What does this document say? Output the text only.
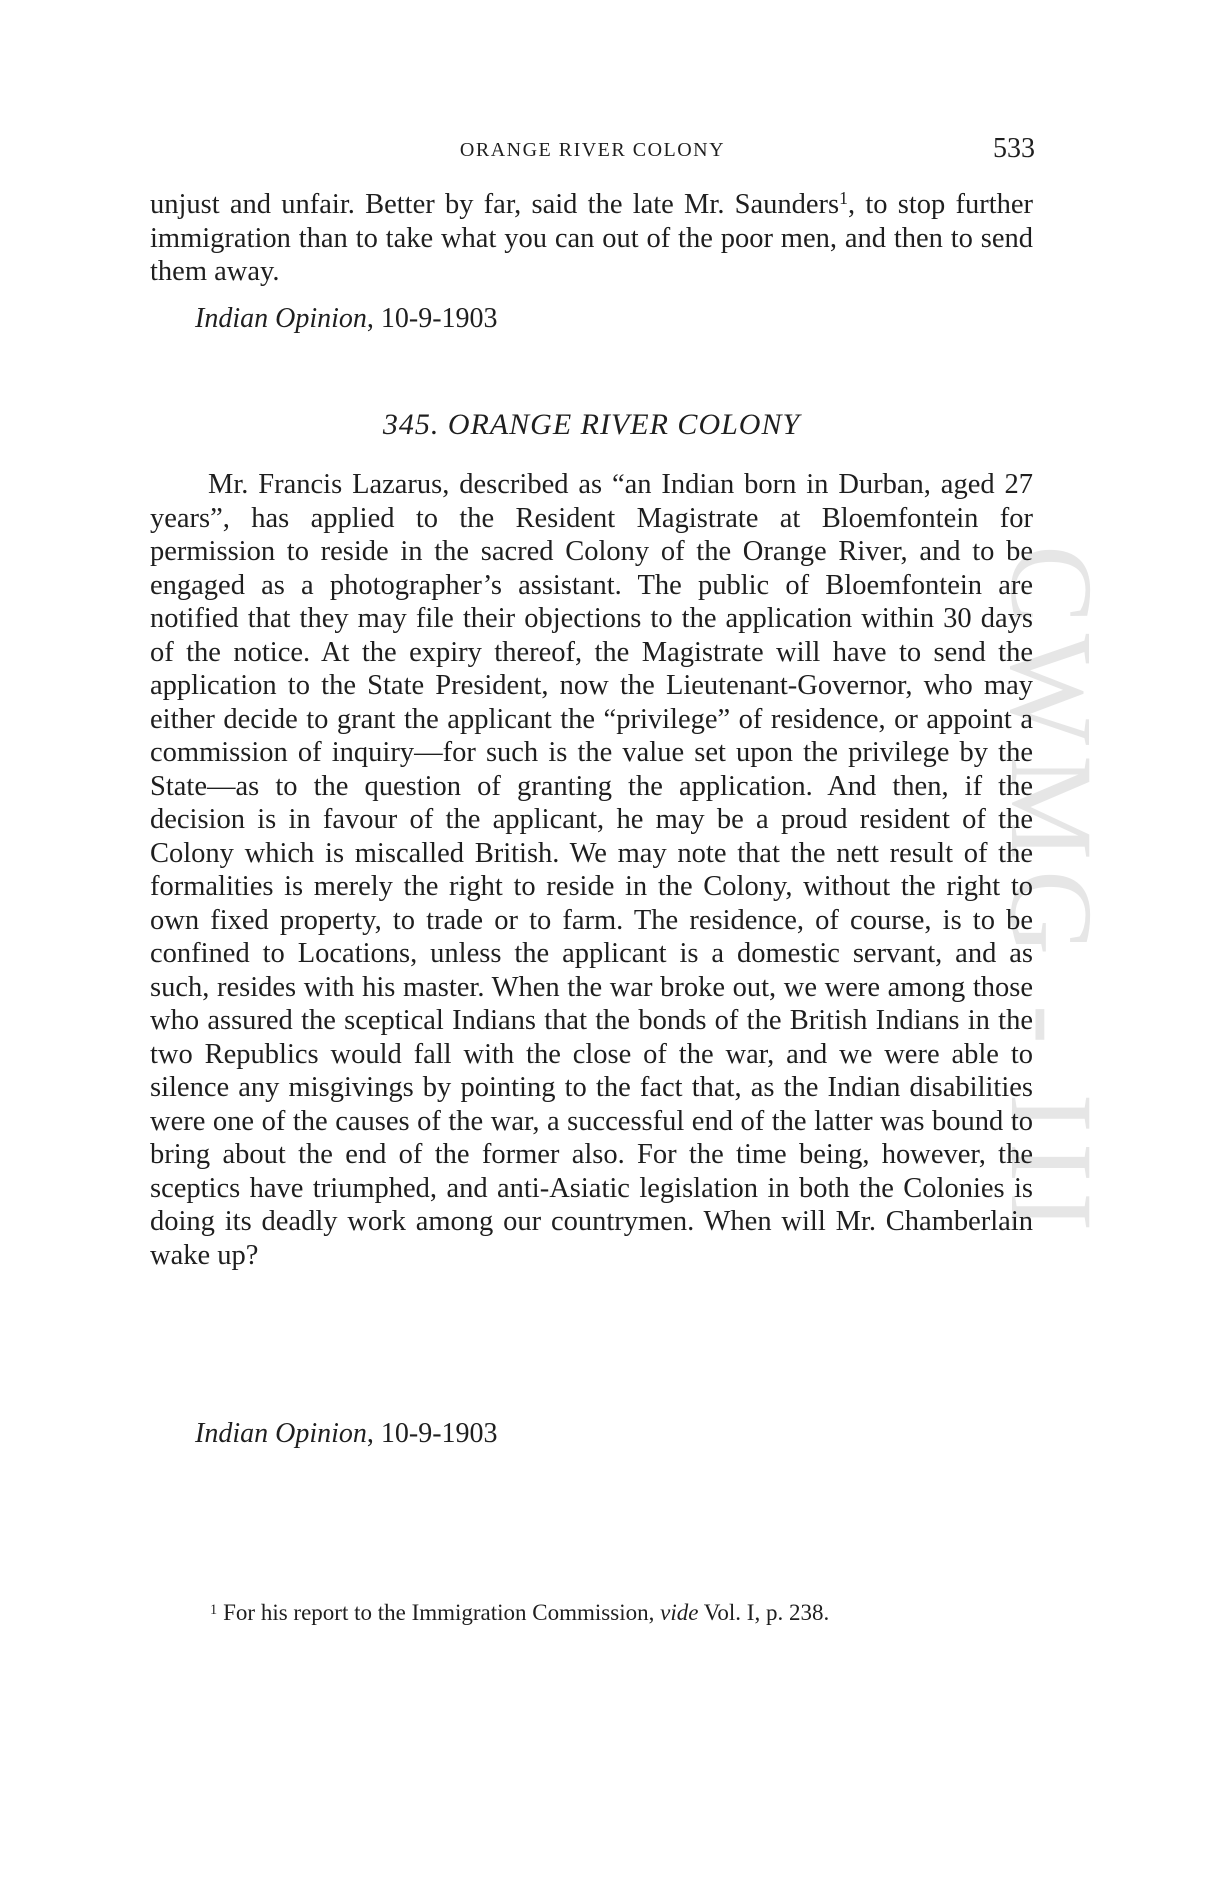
CWMG - III
ORANGE RIVER COLONY	533

unjust and unfair. Better by far, said the late Mr. Saunders$^1$, to stop further immigration than to take what you can out of the poor men, and then to send them away.

Indian Opinion, 10-9-1903

345. ORANGE RIVER COLONY

Mr. Francis Lazarus, described as “an Indian born in Durban, aged 27 years”, has applied to the Resident Magistrate at Bloemfontein for permission to reside in the sacred Colony of the Orange River, and to be engaged as a photographer’s assistant. The public of Bloemfontein are notified that they may file their objections to the application within 30 days of the notice. At the expiry thereof, the Magistrate will have to send the application to the State President, now the Lieutenant-Governor, who may either decide to grant the applicant the “privilege” of residence, or appoint a commission of inquiry—for such is the value set upon the privilege by the State—as to the question of granting the application. And then, if the decision is in favour of the applicant, he may be a proud resident of the Colony which is miscalled British. We may note that the nett result of the formalities is merely the right to reside in the Colony, without the right to own fixed property, to trade or to farm. The residence, of course, is to be confined to Locations, unless the applicant is a domestic servant, and as such, resides with his master. When the war broke out, we were among those who assured the sceptical Indians that the bonds of the British Indians in the two Republics would fall with the close of the war, and we were able to silence any misgivings by pointing to the fact that, as the Indian disabilities were one of the causes of the war, a successful end of the latter was bound to bring about the end of the former also. For the time being, however, the sceptics have triumphed, and anti-Asiatic legislation in both the Colonies is doing its deadly work among our countrymen. When will Mr. Chamberlain wake up?

Indian Opinion, 10-9-1903

$^1$ For his report to the Immigration Commission, vide Vol. I, p. 238.
